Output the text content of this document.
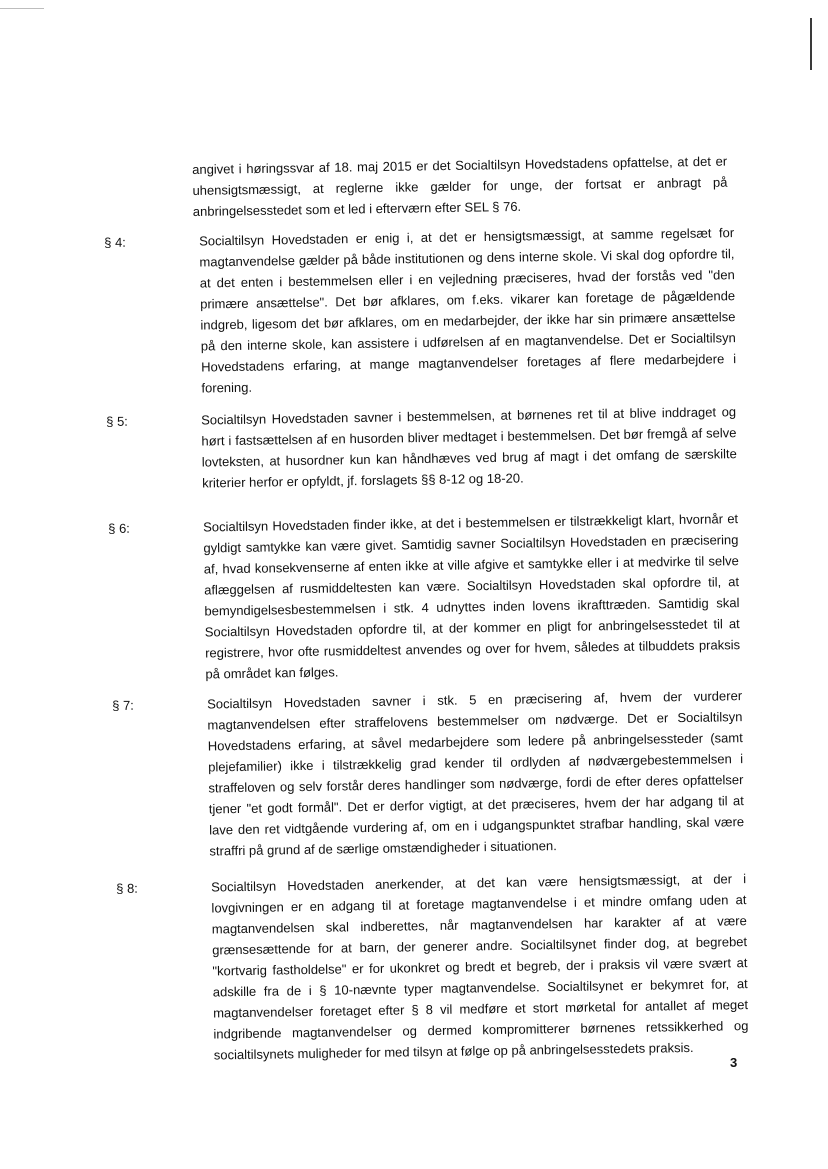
angivet i høringssvar af 18. maj 2015 er det Socialtilsyn Hovedstadens opfattelse, at det er uhensigtsmæssigt, at reglerne ikke gælder for unge, der fortsat er anbragt på anbringelsesstedet som et led i efterværn efter SEL § 76.

§ 4:	Socialtilsyn Hovedstaden er enig i, at det er hensigtsmæssigt, at samme regelsæt for magtanvendelse gælder på både institutionen og dens interne skole. Vi skal dog opfordre til, at det enten i bestemmelsen eller i en vejledning præciseres, hvad der forstås ved "den primære ansættelse". Det bør afklares, om f.eks. vikarer kan foretage de pågældende indgreb, ligesom det bør afklares, om en medarbejder, der ikke har sin primære ansættelse på den interne skole, kan assistere i udførelsen af en magtanvendelse. Det er Socialtilsyn Hovedstadens erfaring, at mange magtanvendelser foretages af flere medarbejdere i forening.
§ 5:	Socialtilsyn Hovedstaden savner i bestemmelsen, at børnenes ret til at blive inddraget og hørt i fastsættelsen af en husorden bliver medtaget i bestemmelsen. Det bør fremgå af selve lovteksten, at husordner kun kan håndhæves ved brug af magt i det omfang de særskilte kriterier herfor er opfyldt, jf. forslagets §§ 8-12 og 18-20.
§ 6:	Socialtilsyn Hovedstaden finder ikke, at det i bestemmelsen er tilstrækkeligt klart, hvornår et gyldigt samtykke kan være givet. Samtidig savner Socialtilsyn Hovedstaden en præcisering af, hvad konsekvenserne af enten ikke at ville afgive et samtykke eller i at medvirke til selve aflæggelsen af rusmiddeltesten kan være. Socialtilsyn Hovedstaden skal opfordre til, at bemyndigelsesbestemmelsen i stk. 4 udnyttes inden lovens ikrafttræden. Samtidig skal Socialtilsyn Hovedstaden opfordre til, at der kommer en pligt for anbringelsesstedet til at registrere, hvor ofte rusmiddeltest anvendes og over for hvem, således at tilbuddets praksis på området kan følges.
§ 7:	Socialtilsyn Hovedstaden savner i stk. 5 en præcisering af, hvem der vurderer magtanvendelsen efter straffelovens bestemmelser om nødværge. Det er Socialtilsyn Hovedstadens erfaring, at såvel medarbejdere som ledere på anbringelsessteder (samt plejefamilier) ikke i tilstrækkelig grad kender til ordlyden af nødværgebestemmelsen i straffeloven og selv forstår deres handlinger som nødværge, fordi de efter deres opfattelser tjener "et godt formål". Det er derfor vigtigt, at det præciseres, hvem der har adgang til at lave den ret vidtgående vurdering af, om en i udgangspunktet strafbar handling, skal være straffri på grund af de særlige omstændigheder i situationen.
§ 8:	Socialtilsyn Hovedstaden anerkender, at det kan være hensigtsmæssigt, at der i lovgivningen er en adgang til at foretage magtanvendelse i et mindre omfang uden at magtanvendelsen skal indberettes, når magtanvendelsen har karakter af at være grænsesættende for at barn, der generer andre. Socialtilsynet finder dog, at begrebet "kortvarig fastholdelse" er for ukonkret og bredt et begreb, der i praksis vil være svært at adskille fra de i § 10-nævnte typer magtanvendelse. Socialtilsynet er bekymret for, at magtanvendelser foretaget efter § 8 vil medføre et stort mørketal for antallet af meget indgribende magtanvendelser og dermed kompromitterer børnenes retssikkerhed og socialtilsynets muligheder for med tilsyn at følge op på anbringelsesstedets praksis.
3
